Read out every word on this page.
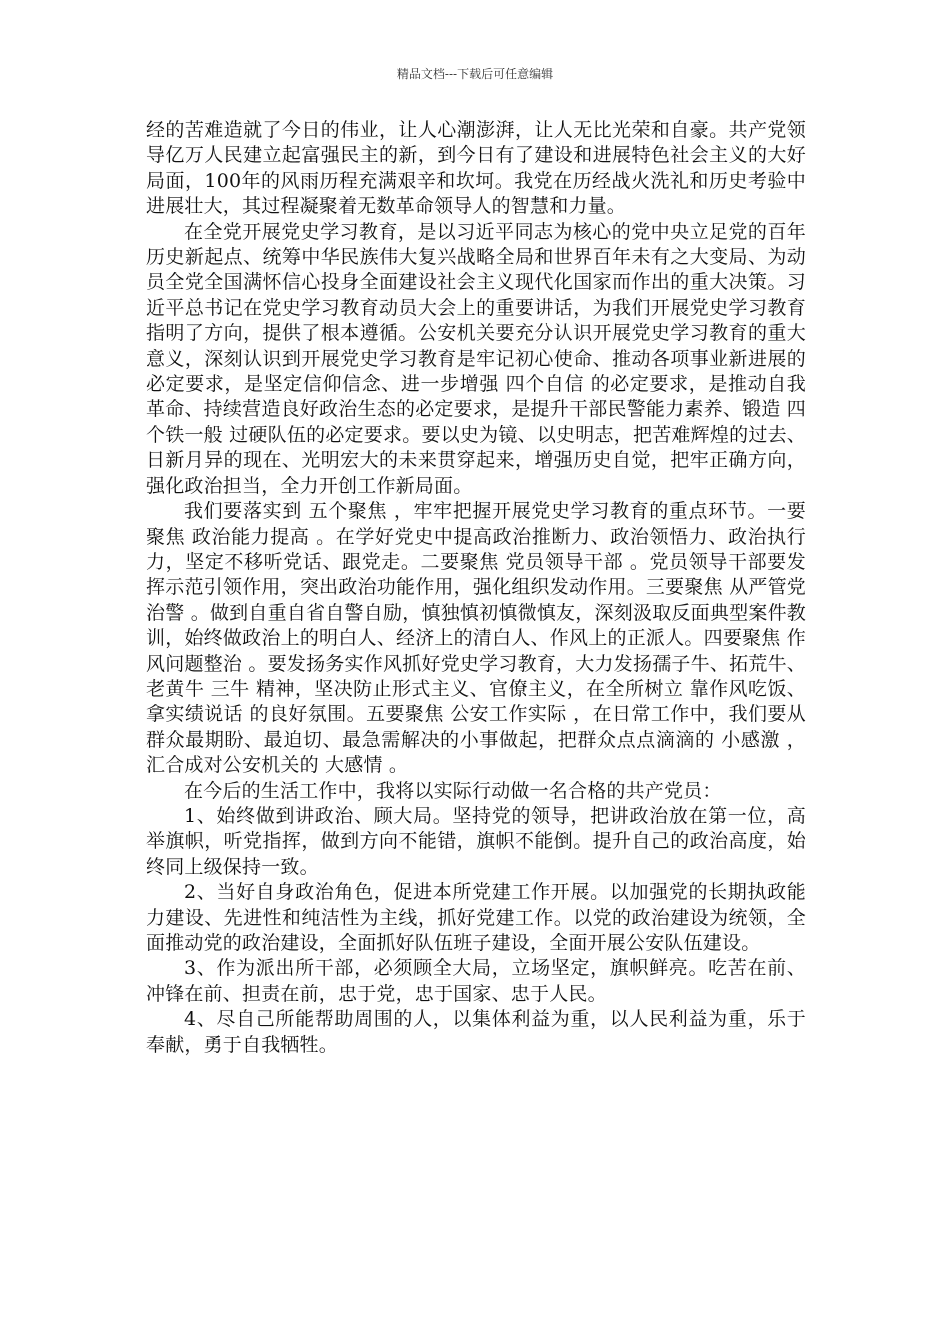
精品文档---下载后可任意编辑

经的苦难造就了今日的伟业，让人心潮澎湃，让人无比光荣和自豪。共产党领导亿万人民建立起富强民主的新，到今日有了建设和进展特色社会主义的大好局面，100年的风雨历程充满艰辛和坎坷。我党在历经战火洗礼和历史考验中进展壮大，其过程凝聚着无数革命领导人的智慧和力量。

在全党开展党史学习教育，是以习近平同志为核心的党中央立足党的百年历史新起点、统筹中华民族伟大复兴战略全局和世界百年未有之大变局、为动员全党全国满怀信心投身全面建设社会主义现代化国家而作出的重大决策。习近平总书记在党史学习教育动员大会上的重要讲话，为我们开展党史学习教育指明了方向，提供了根本遵循。公安机关要充分认识开展党史学习教育的重大意义，深刻认识到开展党史学习教育是牢记初心使命、推动各项事业新进展的必定要求，是坚定信仰信念、进一步增强 四个自信 的必定要求，是推动自我革命、持续营造良好政治生态的必定要求，是提升干部民警能力素养、锻造 四个铁一般 过硬队伍的必定要求。要以史为镜、以史明志，把苦难辉煌的过去、日新月异的现在、光明宏大的未来贯穿起来，增强历史自觉，把牢正确方向，强化政治担当，全力开创工作新局面。

我们要落实到 五个聚焦 ，牢牢把握开展党史学习教育的重点环节。一要聚焦 政治能力提高 。在学好党史中提高政治推断力、政治领悟力、政治执行力，坚定不移听党话、跟党走。二要聚焦 党员领导干部 。党员领导干部要发挥示范引领作用，突出政治功能作用，强化组织发动作用。三要聚焦 从严管党治警 。做到自重自省自警自励，慎独慎初慎微慎友，深刻汲取反面典型案件教训，始终做政治上的明白人、经济上的清白人、作风上的正派人。四要聚焦 作风问题整治 。要发扬务实作风抓好党史学习教育，大力发扬孺子牛、拓荒牛、老黄牛 三牛 精神，坚决防止形式主义、官僚主义，在全所树立 靠作风吃饭、拿实绩说话 的良好氛围。五要聚焦 公安工作实际 ，在日常工作中，我们要从群众最期盼、最迫切、最急需解决的小事做起，把群众点点滴滴的 小感激 ，汇合成对公安机关的 大感情 。

在今后的生活工作中，我将以实际行动做一名合格的共产党员：

1、始终做到讲政治、顾大局。坚持党的领导，把讲政治放在第一位，高举旗帜，听党指挥，做到方向不能错，旗帜不能倒。提升自己的政治高度，始终同上级保持一致。

2、当好自身政治角色，促进本所党建工作开展。以加强党的长期执政能力建设、先进性和纯洁性为主线，抓好党建工作。以党的政治建设为统领，全面推动党的政治建设，全面抓好队伍班子建设，全面开展公安队伍建设。

3、作为派出所干部，必须顾全大局，立场坚定，旗帜鲜亮。吃苦在前、冲锋在前、担责在前，忠于党，忠于国家、忠于人民。

4、尽自己所能帮助周围的人，以集体利益为重，以人民利益为重，乐于奉献，勇于自我牺牲。
